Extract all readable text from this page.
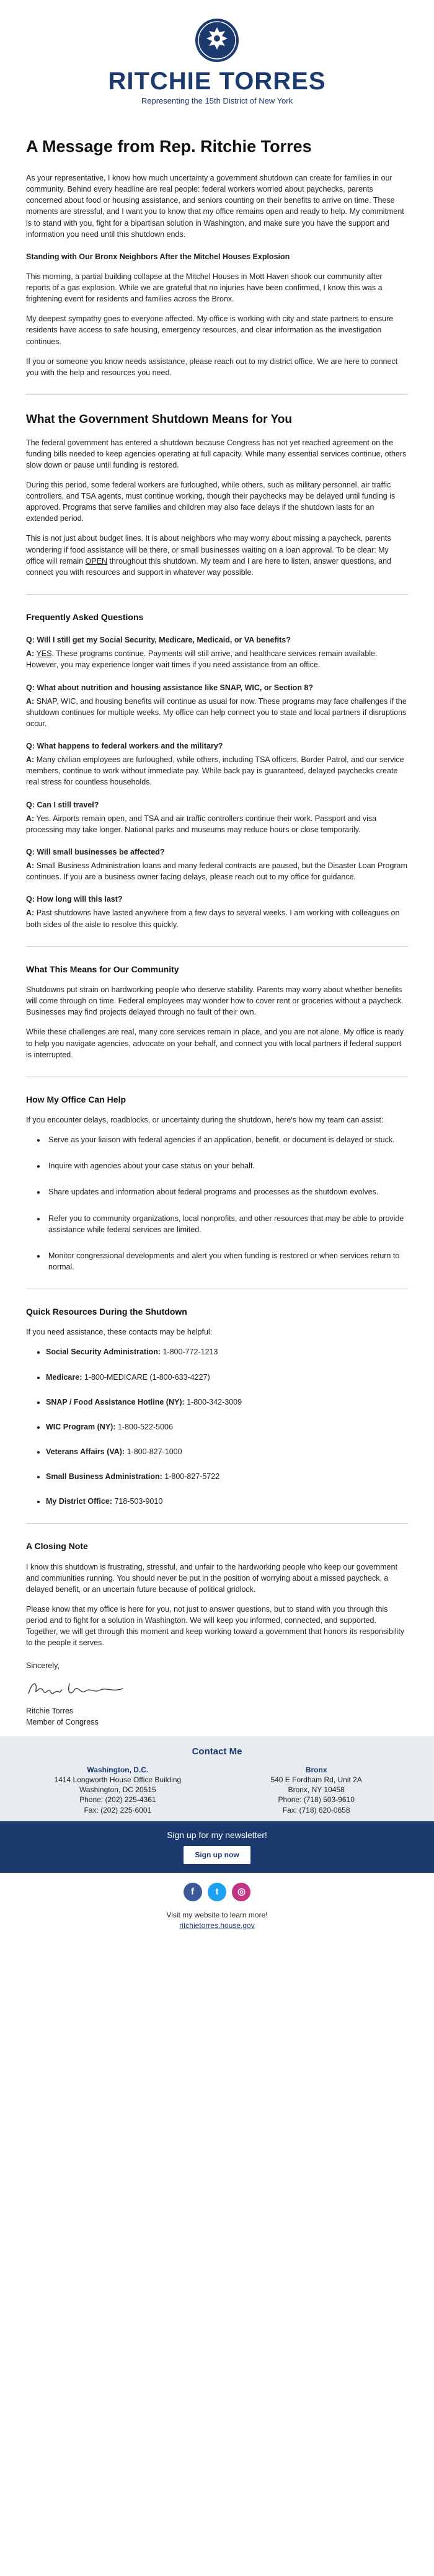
RITCHIE TORRES
Representing the 15th District of New York
A Message from Rep. Ritchie Torres

As your representative, I know how much uncertainty a government shutdown can create for families in our community. Behind every headline are real people: federal workers worried about paychecks, parents concerned about food or housing assistance, and seniors counting on their benefits to arrive on time. These moments are stressful, and I want you to know that my office remains open and ready to help. My commitment is to stand with you, fight for a bipartisan solution in Washington, and make sure you have the support and information you need until this shutdown ends.

Standing with Our Bronx Neighbors After the Mitchel Houses Explosion

This morning, a partial building collapse at the Mitchel Houses in Mott Haven shook our community after reports of a gas explosion. While we are grateful that no injuries have been confirmed, I know this was a frightening event for residents and families across the Bronx.

My deepest sympathy goes to everyone affected. My office is working with city and state partners to ensure residents have access to safe housing, emergency resources, and clear information as the investigation continues.

If you or someone you know needs assistance, please reach out to my district office. We are here to connect you with the help and resources you need.

What the Government Shutdown Means for You

The federal government has entered a shutdown because Congress has not yet reached agreement on the funding bills needed to keep agencies operating at full capacity. While many essential services continue, others slow down or pause until funding is restored.

During this period, some federal workers are furloughed, while others, such as military personnel, air traffic controllers, and TSA agents, must continue working, though their paychecks may be delayed until funding is approved. Programs that serve families and children may also face delays if the shutdown lasts for an extended period.

This is not just about budget lines. It is about neighbors who may worry about missing a paycheck, parents wondering if food assistance will be there, or small businesses waiting on a loan approval. To be clear: My office will remain OPEN throughout this shutdown. My team and I are here to listen, answer questions, and connect you with resources and support in whatever way possible.

Frequently Asked Questions
Q: Will I still get my Social Security, Medicare, Medicaid, or VA benefits?
A: YES. These programs continue. Payments will still arrive, and healthcare services remain available. However, you may experience longer wait times if you need assistance from an office.
Q: What about nutrition and housing assistance like SNAP, WIC, or Section 8?
A: SNAP, WIC, and housing benefits will continue as usual for now. These programs may face challenges if the shutdown continues for multiple weeks. My office can help connect you to state and local partners if disruptions occur.
Q: What happens to federal workers and the military?
A: Many civilian employees are furloughed, while others, including TSA officers, Border Patrol, and our service members, continue to work without immediate pay. While back pay is guaranteed, delayed paychecks create real stress for countless households.
Q: Can I still travel?
A: Yes. Airports remain open, and TSA and air traffic controllers continue their work. Passport and visa processing may take longer. National parks and museums may reduce hours or close temporarily.
Q: Will small businesses be affected?
A: Small Business Administration loans and many federal contracts are paused, but the Disaster Loan Program continues. If you are a business owner facing delays, please reach out to my office for guidance.
Q: How long will this last?
A: Past shutdowns have lasted anywhere from a few days to several weeks. I am working with colleagues on both sides of the aisle to resolve this quickly.
What This Means for Our Community

Shutdowns put strain on hardworking people who deserve stability. Parents may worry about whether benefits will come through on time. Federal employees may wonder how to cover rent or groceries without a paycheck. Businesses may find projects delayed through no fault of their own.

While these challenges are real, many core services remain in place, and you are not alone. My office is ready to help you navigate agencies, advocate on your behalf, and connect you with local partners if federal support is interrupted.

How My Office Can Help

If you encounter delays, roadblocks, or uncertainty during the shutdown, here's how my team can assist:

• Serve as your liaison with federal agencies if an application, benefit, or document is delayed or stuck.
• Inquire with agencies about your case status on your behalf.
• Share updates and information about federal programs and processes as the shutdown evolves.
• Refer you to community organizations, local nonprofits, and other resources that may be able to provide assistance while federal services are limited.
• Monitor congressional developments and alert you when funding is restored or when services return to normal.
Quick Resources During the Shutdown

If you need assistance, these contacts may be helpful:

• Social Security Administration: 1-800-772-1213
• Medicare: 1-800-MEDICARE (1-800-633-4227)
• SNAP / Food Assistance Hotline (NY): 1-800-342-3009
• WIC Program (NY): 1-800-522-5006
• Veterans Affairs (VA): 1-800-827-1000
• Small Business Administration: 1-800-827-5722
• My District Office: 718-503-9010
A Closing Note

I know this shutdown is frustrating, stressful, and unfair to the hardworking people who keep our government and communities running. You should never be put in the position of worrying about a missed paycheck, a delayed benefit, or an uncertain future because of political gridlock.

Please know that my office is here for you, not just to answer questions, but to stand with you through this period and to fight for a solution in Washington. We will keep you informed, connected, and supported. Together, we will get through this moment and keep working toward a government that honors its responsibility to the people it serves.

Sincerely,
Ritchie Torres
Member of Congress
Contact Me
Washington, D.C.
1414 Longworth House Office Building
Washington, DC 20515
Phone: (202) 225-4361
Fax: (202) 225-6001
Bronx
540 E Fordham Rd, Unit 2A
Bronx, NY 10458
Phone: (718) 503-9610
Fax: (718) 620-0658
Sign up for my newsletter!
Sign up now
f t ◎
Visit my website to learn more!
ritchietorres.house.gov
